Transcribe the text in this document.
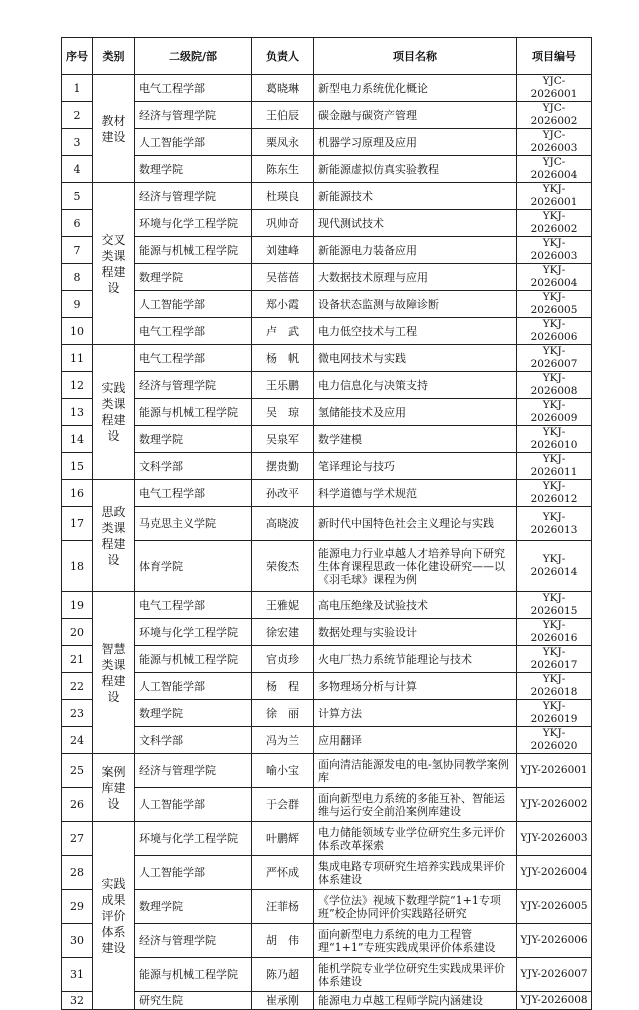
序号	类别	二级院/部	负责人	项目名称	项目编号
1	教材建设	电气工程学部	葛晓琳	新型电力系统优化概论	YJC-2026001
2		经济与管理学院	王伯辰	碳金融与碳资产管理	YJC-2026002
3		人工智能学部	栗凤永	机器学习原理及应用	YJC-2026003
4		数理学院	陈东生	新能源虚拟仿真实验教程	YJC-2026004
5	交叉类课程建设	经济与管理学院	杜瑛良	新能源技术	YKJ-2026001
6		环境与化学工程学院	巩帅奇	现代测试技术	YKJ-2026002
7		能源与机械工程学院	刘建峰	新能源电力装备应用	YKJ-2026003
8		数理学院	吴蓓蓓	大数据技术原理与应用	YKJ-2026004
9		人工智能学部	郑小霞	设备状态监测与故障诊断	YKJ-2026005
10		电气工程学部	卢　武	电力低空技术与工程	YKJ-2026006
11	实践类课程建设	电气工程学部	杨　帆	微电网技术与实践	YKJ-2026007
12		经济与管理学院	王乐鹏	电力信息化与决策支持	YKJ-2026008
13		能源与机械工程学院	吴　琼	氢储能技术及应用	YKJ-2026009
14		数理学院	吴泉军	数学建模	YKJ-2026010
15		文科学部	摆贵勤	笔译理论与技巧	YKJ-2026011
16	思政类课程建设	电气工程学部	孙改平	科学道德与学术规范	YKJ-2026012
17		马克思主义学院	高晓波	新时代中国特色社会主义理论与实践	YKJ-2026013
18		体育学院	荣俊杰	能源电力行业卓越人才培养导向下研究生体育课程思政一体化建设研究——以《羽毛球》课程为例	YKJ-2026014
19	智慧类课程建设	电气工程学部	王雅妮	高电压绝缘及试验技术	YKJ-2026015
20		环境与化学工程学院	徐宏建	数据处理与实验设计	YKJ-2026016
21		能源与机械工程学院	官贞珍	火电厂热力系统节能理论与技术	YKJ-2026017
22		人工智能学部	杨　程	多物理场分析与计算	YKJ-2026018
23		数理学院	徐　丽	计算方法	YKJ-2026019
24		文科学部	冯为兰	应用翻译	YKJ-2026020
25	案例库建设	经济与管理学院	喻小宝	面向清洁能源发电的电-氢协同教学案例库	YJY-2026001
26		人工智能学部	于会群	面向新型电力系统的多能互补、智能运维与运行安全前沿案例库建设	YJY-2026002
27	实践成果评价体系建设	环境与化学工程学院	叶鹏辉	电力储能领域专业学位研究生多元评价体系改革探索	YJY-2026003
28		人工智能学部	严怀成	集成电路专项研究生培养实践成果评价体系建设	YJY-2026004
29		数理学院	汪菲杨	《学位法》视域下数理学院“1+1专项班”校企协同评价实践路径研究	YJY-2026005
30		经济与管理学院	胡　伟	面向新型电力系统的电力工程管理“1+1”专班实践成果评价体系建设	YJY-2026006
31		能源与机械工程学院	陈乃超	能机学院专业学位研究生实践成果评价体系建设	YJY-2026007
32		研究生院	崔承刚	能源电力卓越工程师学院内涵建设	YJY-2026008
